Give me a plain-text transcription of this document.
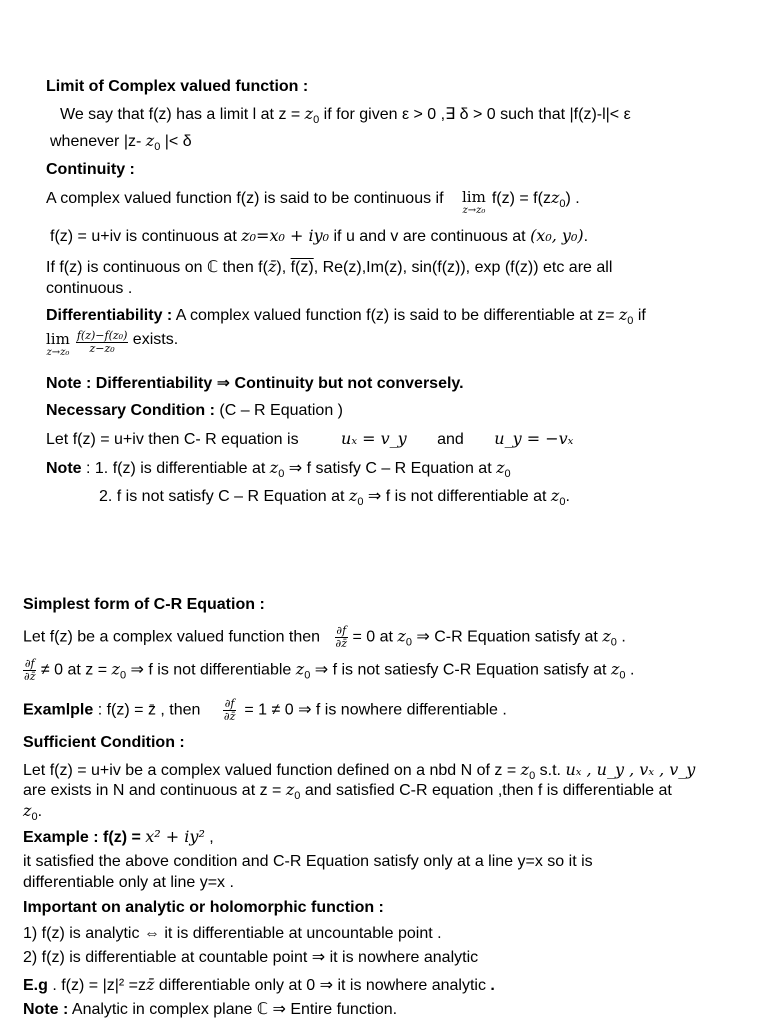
Limit of Complex valued function :
We say that f(z) has a limit l at $z = z_0$ if for given ε > 0 ,∃ δ > 0 such that |f(z)-l|< ε
whenever |z- $z_0$ |< δ
Continuity :
A complex valued function f(z) is said to be continuous if lim
z→z₀
$f(z) = f(zz_0)$ .
f(z) = u+iv is continuous at z₀=x₀ + iy₀ if u and v are continuous at (x₀, y₀).
If f(z) is continuous on ℂ then f(z̄), f(z), Re(z),Im(z), sin(f(z)), exp (f(z)) etc are all
continuous .
Differentiability : A complex valued function f(z) is said to be differentiable at $z= z_0$ if
lim
$z\to z_0 \frac{\text{f(z)−f(z₀)}}{\text{z−z₀}}$ exists.
Note : Differentiability ⇒ Continuity but not conversely.
Necessary Condition : (C – R Equation )
Let f(z) = u+iv then C- R equation is	uₓ = v_y and u_y = −vₓ
Note : 1. f(z) is differentiable at $z_0$ ⇒ f satisfy C – R Equation at $z_0$
2. f is not satisfy C – R Equation at $z_0$ ⇒ f is not differentiable at $z_0$.
Simplest form of C-R Equation :
Let f(z) be a complex valued function then $\frac{\partial f}{\partial z̄} = 0$ at $z_0$ ⇒ C-R Equation satisfy at $z_0$ .
$\frac{\partial f}{\partial z̄} \ne 0$ at $z = z_0$ ⇒ f is not differentiable $z_0$ ⇒ f is not satiesfy C-R Equation satisfy at $z_0$ .
Examlple : f(z) = z̄ , then $\frac{\partial f}{\partial z̄} = 1 \ne 0$ ⇒ f is nowhere differentiable .
Sufficient Condition :
Let f(z) = u+iv be a complex valued function defined on a nbd N of $z = z_0$ s.t. uₓ , u_y , vₓ , v_y
are exists in N and continuous at $z = z_0$ and satisfied C-R equation ,then f is differentiable at
$z_0$.
Example : f(z) = x² + iy² ,
it satisfied the above condition and C-R Equation satisfy only at a line y=x so it is
differentiable only at line y=x .
Important on analytic or holomorphic function :
1) f(z) is analytic ⇔ it is differentiable at uncountable point .
2) f(z) is differentiable at countable point ⇒ it is nowhere analytic
E.g . f(z) = |z|² =zz̄ differentiable only at 0 ⇒ it is nowhere analytic .
Note : Analytic in complex plane ℂ ⇒ Entire function.
